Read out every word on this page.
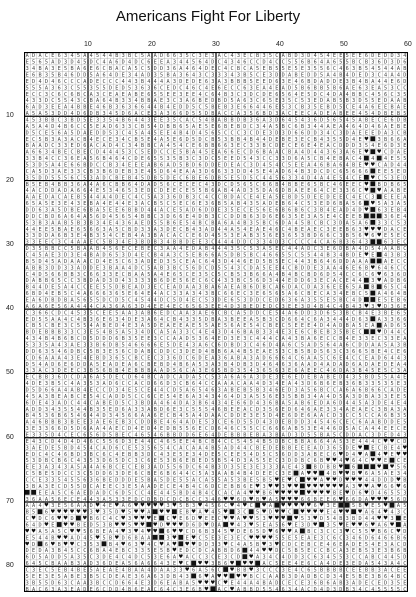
Americans Fight For Liberty
10	20	30	40	50	60
10
20
30
40
50
60
70
80
A D A C E 6 3 4 5 A 4 5 4 4 B 3 B C 5 A A D 6 6 3 5 C 3 E 3 A C 4 3 E C B 3 5 C A B D 3 D 4 5 4 E E 5 E E 6 D E D D 3 4
E 5 6 5 A D 3 D 4 5 D C 4 A 6 D 4 D C 6 E E A 3 4 4 5 6 4 D C 4 3 4 6 C C D 4 C C 5 5 6 B 6 4 A 6 5 5 B C B 3 6 D 3 D 6
3 4 B A 3 E 5 B A 6 E 6 C B A C A 5 C 5 D D 3 6 A 4 6 4 D E C 4 C B C A 5 E B 5 5 E 5 E 3 5 5 6 C 4 6 3 B 5 4 5 4 4 A B
E 6 B 3 5 B 4 6 D D 5 A 6 4 D E 3 4 A D 3 5 B A 3 6 4 3 C 3 3 3 4 3 B 5 C E 3 D D A B E D D 5 A 4 B 4 D E D 3 C 4 A 4 D
E D 4 D 4 6 C C C A D E C C C 4 4 3 B 4 4 4 A 3 D E D E 6 3 A 3 B B B 5 E E D 6 3 E 4 6 B D A D D E 3 B 4 B A 4 4 E 6 D
5 5 5 A 3 6 3 C 5 5 3 5 5 D E D 5 3 6 3 6 C E D C 4 6 C 4 E 6 E C C 6 3 E A 4 E A D 5 B 6 B B 5 B 6 A E 6 3 E A 5 3 C C
E C C 3 C 6 C 6 B C A 3 C E A E A B E 6 5 5 E E 3 E E 4 C 6 4 B 3 C 3 D C D E 6 5 6 4 E 5 D C 4 D A 4 B B C 4 5 6 C 3 5
4 3 3 D C 5 5 4 3 C B A 6 4 B 3 3 4 B B A E 3 C 3 A 6 B E D B D 5 A 6 3 C 6 5 E 3 5 C 5 3 E D A B 5 B 3 D 5 5 E D A A B
6 A D 3 E E A 4 B B E 4 6 B 3 6 3 6 6 4 4 B 4 E D D 5 C 5 B E B 3 E 6 6 4 4 6 E 5 3 C B 3 5 E B D 5 C E 4 A 6 E E B A E
A 5 A 5 3 D D 4 D 6 D B 3 4 5 D 6 A C E 3 A 3 6 6 D 5 5 D B A C C A 3 5 6 B D 3 A C E E C A D E A B E E 4 5 4 D B E B 5
4 5 3 B B C 3 B D 5 E 3 3 5 4 B 6 4 4 3 E E 3 5 C A C 5 4 B A B B D B 3 6 A 3 D 6 4 5 4 3 6 D 5 6 5 4 5 A B E C E 6 D B
A 5 A 4 D 4 B 6 C C 5 E A D 6 3 3 C B 5 4 D B B 6 5 A E 5 E 6 B E B D C 3 4 A 5 B C 6 B 3 4 4 A E A 4 6 4 D 4 6 A E B E
D 5 C E 5 6 A 5 D A E D D 5 3 C 4 5 A 4 5 E E 4 B 4 D 4 5 6 5 C C C 3 C D E 3 D 3 D 6 6 D D 3 4 C 3 D A E E E D A 3 C B
E C 5 B 3 A 3 A C B 4 E C E 3 4 C B 5 E 4 A 5 E 6 D 5 D C B 5 3 B B 4 B 4 4 D E B E 3 E C B 4 3 5 5 D 4 E ♥ 3 B 6 6 A
B A A D C 3 3 E D 6 A C A D 4 C 3 4 B B C A 4 5 4 C E 6 B B 6 6 3 E C 3 3 B C D E C E 6 E 4 E A C D D D 3 5 4 E 6 D 3 E
A 6 6 3 4 B E C B E C D 4 4 4 5 3 C 5 E D C C E 5 B A 4 5 E A 6 6 E C D 6 B A A C B A 4 D 4 4 3 6 3 A 6 E ♥ ♥ C D A E
3 3 B 4 C C 3 6 E A 5 6 B 4 6 4 C D E 6 5 5 3 5 B 3 C 3 D C 5 E E D 5 4 3 C C 3 3 D 6 A 5 C B 4 E B A C 4 4 4 E 5 5
5 3 D 5 A 4 E 6 6 B D C C B 3 4 E E E A B 6 A D 5 B D 6 D D E D E A C 3 D 4 5 4 C 5 E E A 4 6 B A 6 4 B E ♥ ♥ C A D 4 4
C A 5 D 3 A E 3 3 C B 3 B 6 D E B 3 E 4 5 D 6 4 E A A 3 D 6 6 3 3 D D 4 5 E 4 A D 6 4 B 3 D C D C 6 5 6 6 6 E E 5 E D
3 5 D D 5 5 5 6 C 5 3 A D C B E B 4 5 D B 5 D E C 6 B E 6 D B 5 E 5 D 5 C 4 4 5 6 3 3 4 D 4 A 4 E 5 4 C E ♥ C 5 3 E D
B 5 E B 4 B B 3 6 A 4 A 6 C B B 6 4 D A D 5 6 C E C E C 4 3 D C D 5 6 5 C 6 6 B 4 B B E 6 5 B C 4 6 E E C ♥ B D B 6 5
4 A C D D A D A 6 6 4 E 5 3 4 6 5 3 E D C D E E C E 5 5 B 6 A B 4 A D 3 5 D A 6 D B A E E 6 4 C E 3 3 6 C ♥ ♥ A A B E
A A E D A C A E B 5 4 4 A 4 D E C 4 C 5 A 3 3 6 D B 3 C 4 C C B D A C E 4 E A 5 E B D 5 D E E D E E C 4 E C 3 E E E A
6 5 A 5 E 3 E 4 3 E B A 4 E 4 4 E 3 A C B 5 C 5 E C 6 E 3 6 B 5 A B 4 3 5 A D E B 6 4 C 5 3 E D 6 B A 5 6 ♥ 5 A 3 A 5
D D 6 3 A 5 D B E 6 B A 5 E E 6 B B D 4 4 A C E 5 A D 6 D D E 3 5 E C E 5 6 E 6 B 6 B 6 C 3 B 4 E A D 4 D ♥ 6 3 E B 4
D D C B D 6 A 6 4 A 5 6 D 4 5 6 5 4 B B C 3 D 6 6 E 4 D B 3 C C D D B 6 3 D 6 E 6 3 5 E 3 A 5 E 4 C E E B	3 6 E 4
5 3 B 3 A A B 5 B 3 B 3 4 E 4 3 6 A E D 5 5 B 6 E 5 4 B C B A 6 A 4 B 3 5 B C 6 D A 4 5 B C B C 3 D A 5 A 6 3 3 C 5 3
4 4 E E 5 B A E 6 5 6 6 3 A 5 C B D 3 3 A 3 D E C B 4 3 A D 4 4 A 5 4 E A E 4 6 C 4 B E A E C 3 E E B 6 3 ♥ ♥ ♥ D A C E
3 3 D D A 6 B 3 E 4 B 3 5 4 C E B 4 A 3 B A C A C C E 6 D 4 5 5 3 E A B 3 5 6 E 3 6 5 3 B D 6 6 C 3 B 5 6 ♥ 6 ♥ E 5 E C
3 3 E E C 3 C 4 A A E C 5 B 3 4 E 3 B D B 3 4 B B D E E 3 C 4 4 4 D D C 3 3 4 D 3 C C C C 4 C A 6 B 3 6 4 3	6 3 E C
D 3 5 B B C C 5 B A A B 4 5 6 E C E B E C 3 A A 4 E D A B 4 4 4 3 5 C 5 3 A 5 E C 4 4 A D C 3 E 6 D B A 4 D 5 4 A A B C
C 4 5 A E 3 D 3 E 4 B A D 6 5 3 D 4 E C B 4 A 3 C 5 E B 6 6 A 5 D B 5 B C 4 6 6 5 5 C 5 5 4 4 B 3 4 B D E ♥ E 4 3 B 3
B 5 D 4 5 A D A A A C D 4 E 5 C 6 3 A D E D 3 5 C E A C 6 4 3 D 4 4 6 E D 5 B 5 E C 4 4 3 B 6 4 6 D D A A A	A E C C
A B B 3 D D 3 3 A D D E 3 B A A 4 D C 5 A B 3 B C 5 6 D C D 5 5 4 3 C D A 5 E E 4 C B D D E 3 A A 4 6 E 6 B ♥ 6 4 6 C C
C 4 D 5 6 6 B B 3 C 6 6 3 3 E C B A A 5 A 4 E 6 5 C E 3 5 C 5 C B 5 3 B 6 6 A 4 B 4 B C B D 6 D 5 4 C C 6 C 6 ♥ 6 3 6 D
D A B B 6 5 C C 3 B D A D 3 D 4 3 3 3 3 B 6 D E 5 6 E C 6 C 4 3 3 B C 5 6 D 3 4 4 E D D 6 3 E C A C E 4 4 3 ♥ A D B 6
B 4 4 D E 5 A 4 C C E E 5 5 D B E A D 3 E C E A D A A 3 B A 6 A E A B 6 D B C A 6 D A C D A 3 6 E E 6 5 A B 6 5 C 4
6 B D 4 E B 5 C 4 A 6 6 6 3 6 5 E 6 4 E 4 A C 3 3 A 3 4 3 B C 6 6 E C 3 E 6 5 6 5 A 6 C B E C A 3 4 E B C 5 A 4 6 4 B
E A 6 D B D B A 5 6 5 5 D C D 5 C 4 5 4 4 D C 5 D 4 E C 5 3 D E 6 5 3 D D C E D 6 3 6 A 3 5 5 E 5 B C 4 D	E 5 E B 6
A 6 A 6 E 5 6 A 4 4 4 C A 3 6 A 6 3 D 4 E E 4 E C 6 5 6 3 E E 4 D 3 B E D E D C 3 E E 3 D 4 B 4 C 4 B 4 3 ♥ 3 ♥ D 3 6 E
C 3 6 6 C D C 4 5 3 5 C E E 5 A A 3 A B 6 E D C A A 3 A E 6 C B C A 5 D D C E 5 4 A 6 D D 3 D 6 5 3 B C B 4 E 3 B E 6 5
E D 5 5 A A 4 C 4 B 3 6 E 6 3 4 D E 3 A 6 4 C B 4 3 3 5 D B A 3 B E E A 5 B 3 C D 6 6 4 C 6 A 3 4 4 4 D 6 3 A 3 3 6 6
C B 5 C B E 3 C 5 5 4 A B E D 4 E 3 A 5 D E A E E A E 5 5 A E 5 6 A E 5 4 C B E C 5 E E E 4 D 4 A D B A 5 E A A D 6 5
B D E B B B 3 3 C 3 E 5 4 B 5 A 5 3 4 D C A 5 A 3 3 C 4 E 4 3 D 4 6 B A B 3 3 4 E 3 E 6 C B E B 3 5 B E C ♥ D 4 4 C
4 3 4 B 4 B 6 B C D 5 D D D 6 B 3 5 E E 3 C C A A D 5 3 6 4 E D 3 E 3 C 4 4 4 C A 4 3 B A 6 E C C B 4 E 3 3 E C 3 3 E A
5 3 3 5 A 4 3 A E 3 3 B 6 D B 5 4 6 6 6 6 E 5 D E 4 3 A 6 C 6 D B D 3 C 4 6 D 4 A 6 C 5 A D 5 6 4 A 6 C D D A A 5 A 3 B
D D 6 3 5 4 6 D B C 5 B 3 E 5 6 C D A B C D D C 3 D E D 4 B B 6 A 4 B 5 E A E 5 3 C B 5 B D 5 6 3 C 3 6 6 5 B E 4 C E 6
C D 6 A A A 4 3 E 4 E B D 3 6 5 C B C E C 3 3 6 D C 6 D E A 3 6 A B A 3 A D 6 6 6 4 C 6 A A 5 C 6 E 4 C C E A D 6 4 4 3
D 5 4 A D 6 E 6 D D A 5 E A D E A 6 C B E B D 4 B 6 A 5 3 A 3 B 4 D B 3 D 4 6 4 6 3 6 A A D 4 A D A D 6 A D A E D E A 4
3 3 A C 3 D E E C 3 B 5 6 B B 4 E B B B A A D 5 6 C A 3 E 6 5 B D 3 5 4 3 6 5 6 3 E 6 A E E C 4 6 D A 3 B 4 5 E 5 C 3 A
E C B B 3 6 D C D A 6 A 5 D E C D 6 4 B C A D C A D A 5 C 5 3 A 6 A 6 A 3 D E 3 E 6 E D E B A B E D 4 3 5 B D 5 5 A 4 E
4 D E 3 B 5 C 4 A 3 5 3 A D 6 C C A C D 6 6 D 3 C B 6 4 C C A A A C A A 4 D 3 4 E A 4 3 D 6 B 6 E B 3 6 B 3 3 5 3 5 E 3
D 5 D 6 6 A 4 A B 4 E C C D 3 4 E 5 C E 4 4 C D 5 A 6 5 4 6 3 A B E B 5 B 3 4 6 E D 3 A 5 6 B C C A 6 A 6 B 6 6 C A D E
4 5 A 3 B E A B C E 5 4 C A D D 5 C C 6 C E 5 4 E 6 A 3 4 3 4 6 4 D 3 A 5 5 6 E 3 5 B B 3 4 A 4 D 5 A 3 D B A 3 3 E E 5
6 D E 4 3 A D C 4 4 C A B E D 5 C 3 B D A 4 6 4 D A 3 B 6 4 3 4 E 6 6 D 4 3 6 B A 5 A B 6 E D A 6 D 4 4 5 A 3 D E 4 E 4
A D D 3 4 3 5 5 4 4 B 3 5 E D 6 A 3 3 A B D 6 E 3 C 5 5 5 4 6 B E E A C D 3 5 6 E D 6 4 6 A E 3 3 4 A E A E C 3 B A 3 A
B 4 5 3 6 B 6 5 4 6 4 4 D 3 4 5 6 6 A A 6 E C B 4 5 A 4 D A A C D D E 3 E 5 D 4 E 6 D E 6 A A C D 3 C C 5 C C A 6 B 3 5
A 4 6 B B B 3 B E E 3 A E 6 E B 3 C D D B E 4 6 4 A D E 5 3 C E 6 D 5 5 D 4 3 D E B D D 3 4 5 4 6 C E C 6 A A B D D E 5
3 E 3 3 6 6 D 5 D 6 A A 4 A E C D 4 E D 4 E D B 5 5 6 E C D 6 4 6 C 5 5 C C 6 6 6 A B 5 3 E 4 4 6 D 5 A C A 4 4 E E C E
E 3 3 5 D 4 C E C 6 5 6 D 5 B E C 4 6 5 4 6 B B D D 6 E 6 4 D E B B B E B A 3 B A D 3 D 5 5 B A 5 C D D A C 3 D E D 4 3
E 4 3 C D 4 D 4 D 4 6 C 5 5 6 D 3 E 4 4 C 4 6 5 E E 4 B C B 4 C C 5 4 5 4 B 5 D B C B B A 6 6 4 A 5 3 E 4 4 4 C ♥ ♥ C D
3 A E D E 5 B D 4 5 4 C A D 6 C E 5 3 5 6 5 4 C A C A A 4 B 5 A D 4 4 C B E D E B B E E E A D 3 6 5 D E ♥ E C B E 4 ♥
E D C 4 C 4 6 B D 3 B C 6 C 4 E B B 3 D C 4 3 E 5 E 3 4 D E 5 C E E 5 4 D 5 C 5 6 D D 3 A B E C 6 ♥ D 4 ♥ A 4 ♥ E ♥ ♥
5 3 D B C B 6 C 4 3 5 3 D 6 5 D C 3 C 6 E 5 3 B 6 E B E D 5 B 5 4 D 3 A 5 5 E C 3 D D B C 6 B ♥ ♥ 4 ♥ 6 4 C ♥ ♥ E C E
E E 3 A 3 4 3 A 5 A 4 A 6 B C E C E B 3 A D 5 5 6 D C 6 4 B 3 D 3 5 E 3 E 3 3 3 A E 4 3 B D B B ♥ 6	♥ ♥ 5 6
C 5 B E 5 D C C 3 C 5 D D 6 3 D E 6 C B E 6 B 6 4 4 C 5 A 3 A A B 4 B 4 D E E C 3 E A ♥ ♥ 4 B ♥ ♥ B ♥ 6 A 5 A E 3 4
C C E 3 3 5 4 5 5 6 3 6 B E D D D E 5 B A 5 D E 5 5 A C A 5 5 A 5 3 B E 5 B 5 ♥ E ♥ C ♥ ♥ A ♥ ♥ D ♥ ♥ ♥ 4 4 D D D ♥ B
3 B A 3 E C D 5 5 D C A E E C 3 E 5 A A D E C E 4 B 4 C 6 D C E B B 6 E ♥ 3 ♥ ♥ 3 ♥ ♥ ♥ ♥ ♥ ♥ ♥ ♥ A 3 ♥ ♥ A ♥ 6 6 ♥ 6
E E A 5 C 6 A E D A D C 6 D 5 C C 4 E 4 4 5 B D 4 B 4 C C A C A 4 ♥ ♥ B 6 ♥ ♥ ♥ ♥ ♥ ♥ ♥ ♥ B E ♥ D 6 ♥ D 4 6 5 5 3
3 6 A A 5 6 E C E 4 4 3 A 5 3 3 E D C D B D C D C B C C 3 4 6 ♥ ♥ 6 D ♥ B ♥ A 5 ♥ ♥ ♥ 6 6 B E E 6 ♥ 6 6 D A ♥ ♥ ♥ 5 6 D
A A 4 ♥ 3 E 5 6 A A D ♥ 4 E ♥ A 6 ♥ ♥ ♥ ♥ ♥ 3 ♥ 5 B 3 ♥ 4 5 6 C ♥ 4 ♥ C ♥ A ♥ ♥ ♥ ♥ ♥ 6 ♥ 3 E	5 B ♥ E 5 ♥ A 5
B 5 6 ♥ ♥ ♥ ♥ ♥ ♥ 3 ♥ 3 5 D ♥ 5 ♥ ♥ A ♥ ♥ E B ♥ A ♥ 4 5 ♥ 3 C 5 ♥ D ♥ ♥ C ♥ ♥ ♥ ♥ E 4 ♥ ♥ ♥ A 6 4 ♥ 4 3 C
C ♥ D C 6 ♥ ♥ D ♥ B 6 C 4 C ♥ 3 ♥ ♥ ♥ E C ♥ E 6 D ♥ E E C ♥ ♥ A ♥ ♥ 5 3 ♥ ♥ ♥ ♥ 5 3 ♥ D 5 4 B 3 B D 4 4 ♥ ♥ 3 E
6 4 D ♥ E ♥ ♥ B E D 5 3 B ♥ ♥ 5 ♥ ♥ ♥ D ♥ ♥ ♥ D 6 D ♥ D A ♥ 4 3 ♥ 5 E A 5 6 ♥ E 3 D ♥ 3 5 ♥ E ♥ ♥ 6 ♥ A 6 ♥ A
♥ ♥ A 5 A 5 C ♥ ♥ 5 6 B E A 4 ♥ 3 ♥ 4 ♥ ♥ 6 ♥ ♥ C D 6 B 3 4 5 ♥ D E 6 5 D ♥ 6 ♥ ♥ A B C 3 C C 3 ♥ C 5 5 ♥ B 6 C ♥ D
E 5 4 4 B ♥ ♥ A D 4 5 ♥ 5 B ♥ D 6 B A A	3 ♥ E ♥ C 5 E 3 E 3 E C ♥ ♥ ♥ ♥ 5 5 E 5 E A E 3 C 6 C 3 4 6 D 6 4 6 6 B 6
♥ D 6 ♥ B ♥ ♥ C 3 5 3 B 4 ♥ 6 3 ♥ 4 C ♥ A ♥ ♥ ♥ D D 3 3 ♥ C 4 A 5 B ♥ 3 ♥ C D C E B C E 4 6 E A D E 5 4 E 3 A C D
D E D A 3 B 4 5 C C 6 B A 4 E B C 3 3 5 E 5 B ♥ E D C D C A B B D 6 4 4 ♥ ♥ D C 5 B 5 E C C B C A 3 E B 5 3 E 3 B 6 B
6 D 5 A D D 5 A 3 5 C 3 D E 4 C 4 D C 5 3 E 6 A ♥ A C C 3 C E 3 C D ♥ A 3 4 C 4 D D 3 C 6 3 4 5 5 3 C C A B C 4 4 5 D
6 4 5 C B A A B 3 A D 3 6 D E A 5 6 A 6 6 4 3 E ♥ C ♥ ♥ 3 B 6 ♥ ♥ ♥ A C 5 E E 4 E 6 C A 4 D E 3 E D A 5 4 3 A 4 C
C 3 E C 5 E B 4 B E 5 A E A E 4 B A A 4 D A A 3 3 ♥ 6 A 5 6 C ♥ B B ♥ 3 C C C 3 E 4 C 6 5 B B B B C E E B B 3 A C E E
5 E E 3 E 5 A B E 3 B 5 C D E A E 3 6 A 6 3 D B 4 3 6 ♥ A ♥ ♥ ♥ ♥ B C C A A B 3 D A D B C D 3 4 E 5 B E 3 B 6 4 B C
3 B 5 5 D 6 3 C A A 3 B C C D 6 6 4 E 3 D 6 E A B A 5 ♥ ♥ ♥ C ♥ E 4 4 A 4 B A D C E C E 3 6 B 6 A B 3 A D E C E D 3 5 E
B A C 6 3 A 3 E A D E 6 C D D 4 B 6 E A C 6 4 C 3 E 6 B ♥ A C ♥ A B B D 5 5 4 6 3 4 A C D 4 D 3 D B 3 4 C 4 5 5 5 5 C
